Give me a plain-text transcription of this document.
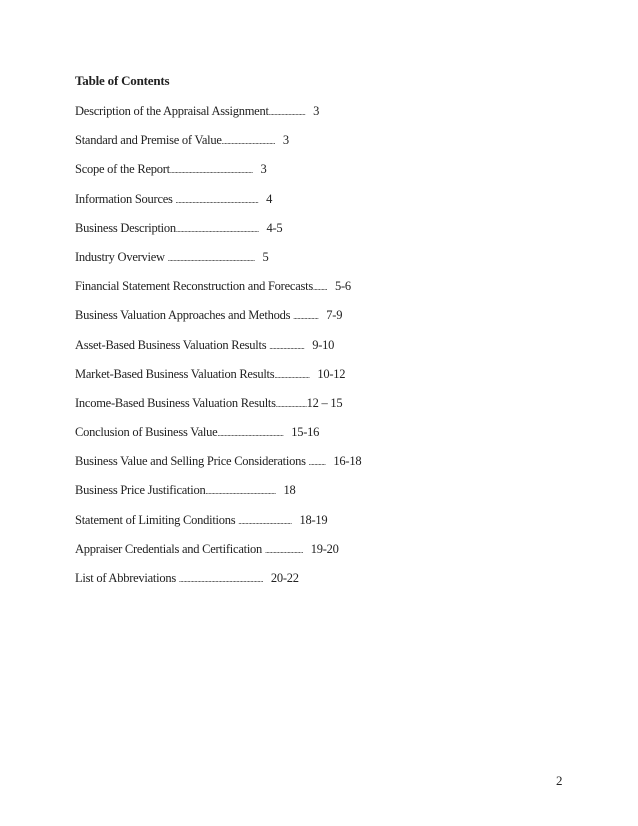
Table of Contents
Description of the Appraisal Assignment.......................... 3
Standard and Premise of Value...................................... 3
Scope of the Report........................................................... 3
Information Sources ........................................................... 4
Business Description........................................................... 4-5
Industry Overview .............................................................. 5
Financial Statement Reconstruction and Forecasts.......... 5-6
Business Valuation Approaches and Methods .................. 7-9
Asset-Based Business Valuation Results ......................... 9-10
Market-Based Business Valuation Results......................... 10-12
Income-Based Business Valuation Results......................12 – 15
Conclusion of Business Value............................................... 15-16
Business Value and Selling Price Considerations ............ 16-18
Business Price Justification.................................................. 18
Statement of Limiting Conditions ...................................... 18-19
Appraiser Credentials and Certification ........................... 19-20
List of Abbreviations ............................................................ 20-22
2
